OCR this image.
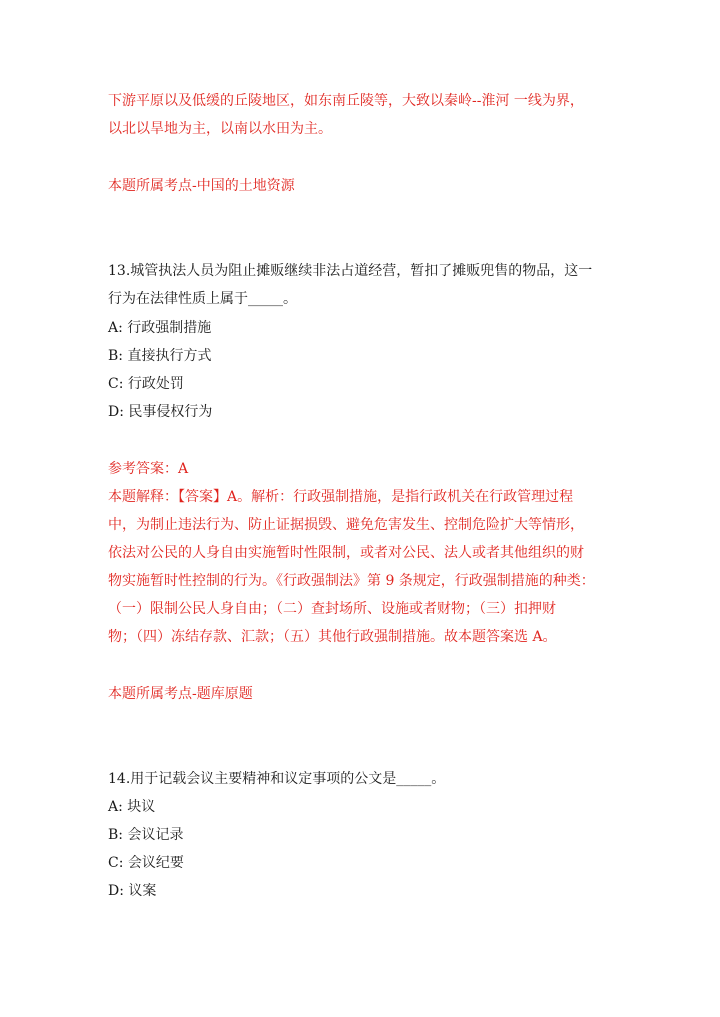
下游平原以及低缓的丘陵地区，如东南丘陵等，大致以秦岭--淮河 一线为界，
以北以旱地为主，以南以水田为主。
本题所属考点-中国的土地资源
13.城管执法人员为阻止摊贩继续非法占道经营，暂扣了摊贩兜售的物品，这一
行为在法律性质上属于_____。
A: 行政强制措施
B: 直接执行方式
C: 行政处罚
D: 民事侵权行为
参考答案：A
本题解释：【答案】A。解析：行政强制措施，是指行政机关在行政管理过程
中，为制止违法行为、防止证据损毁、避免危害发生、控制危险扩大等情形，
依法对公民的人身自由实施暂时性限制，或者对公民、法人或者其他组织的财
物实施暂时性控制的行为。《行政强制法》第 9 条规定，行政强制措施的种类：
（一）限制公民人身自由；（二）查封场所、设施或者财物；（三）扣押财
物；（四）冻结存款、汇款；（五）其他行政强制措施。故本题答案选 A。
本题所属考点-题库原题
14.用于记载会议主要精神和议定事项的公文是_____。
A: 块议
B: 会议记录
C: 会议纪要
D: 议案
